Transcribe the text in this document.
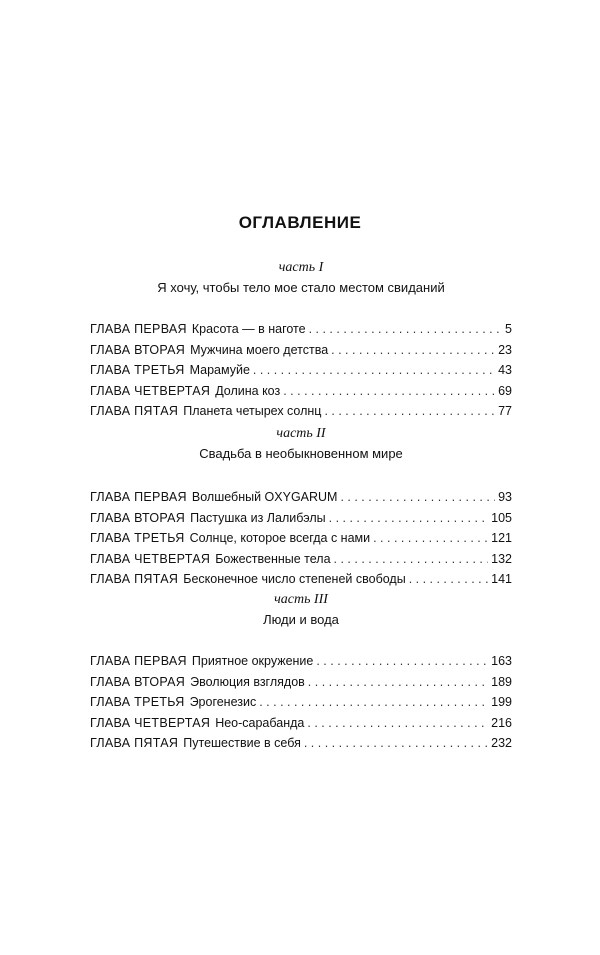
ОГЛАВЛЕНИЕ

часть I

Я хочу, чтобы тело мое стало местом свиданий

ГЛАВА ПЕРВАЯ Красота — в наготе . . .	5
ГЛАВА ВТОРАЯ Мужчина моего детства . . .	23
ГЛАВА ТРЕТЬЯ Марамуйе . . .	43
ГЛАВА ЧЕТВЕРТАЯ Долина коз . . .	69
ГЛАВА ПЯТАЯ Планета четырех солнц . . .	77

часть II

Свадьба в необыкновенном мире

ГЛАВА ПЕРВАЯ Волшебный OXYGARUM . . .	93
ГЛАВА ВТОРАЯ Пастушка из Лалибэлы . . .	105
ГЛАВА ТРЕТЬЯ Солнце, которое всегда с нами . . .	121
ГЛАВА ЧЕТВЕРТАЯ Божественные тела . . .	132
ГЛАВА ПЯТАЯ Бесконечное число степеней свободы . . .	141

часть III

Люди и вода

ГЛАВА ПЕРВАЯ Приятное окружение . . .	163
ГЛАВА ВТОРАЯ Эволюция взглядов . . .	189
ГЛАВА ТРЕТЬЯ Эрогенезис . . .	199
ГЛАВА ЧЕТВЕРТАЯ Нео-сарабанда . . .	216
ГЛАВА ПЯТАЯ Путешествие в себя . . .	232
